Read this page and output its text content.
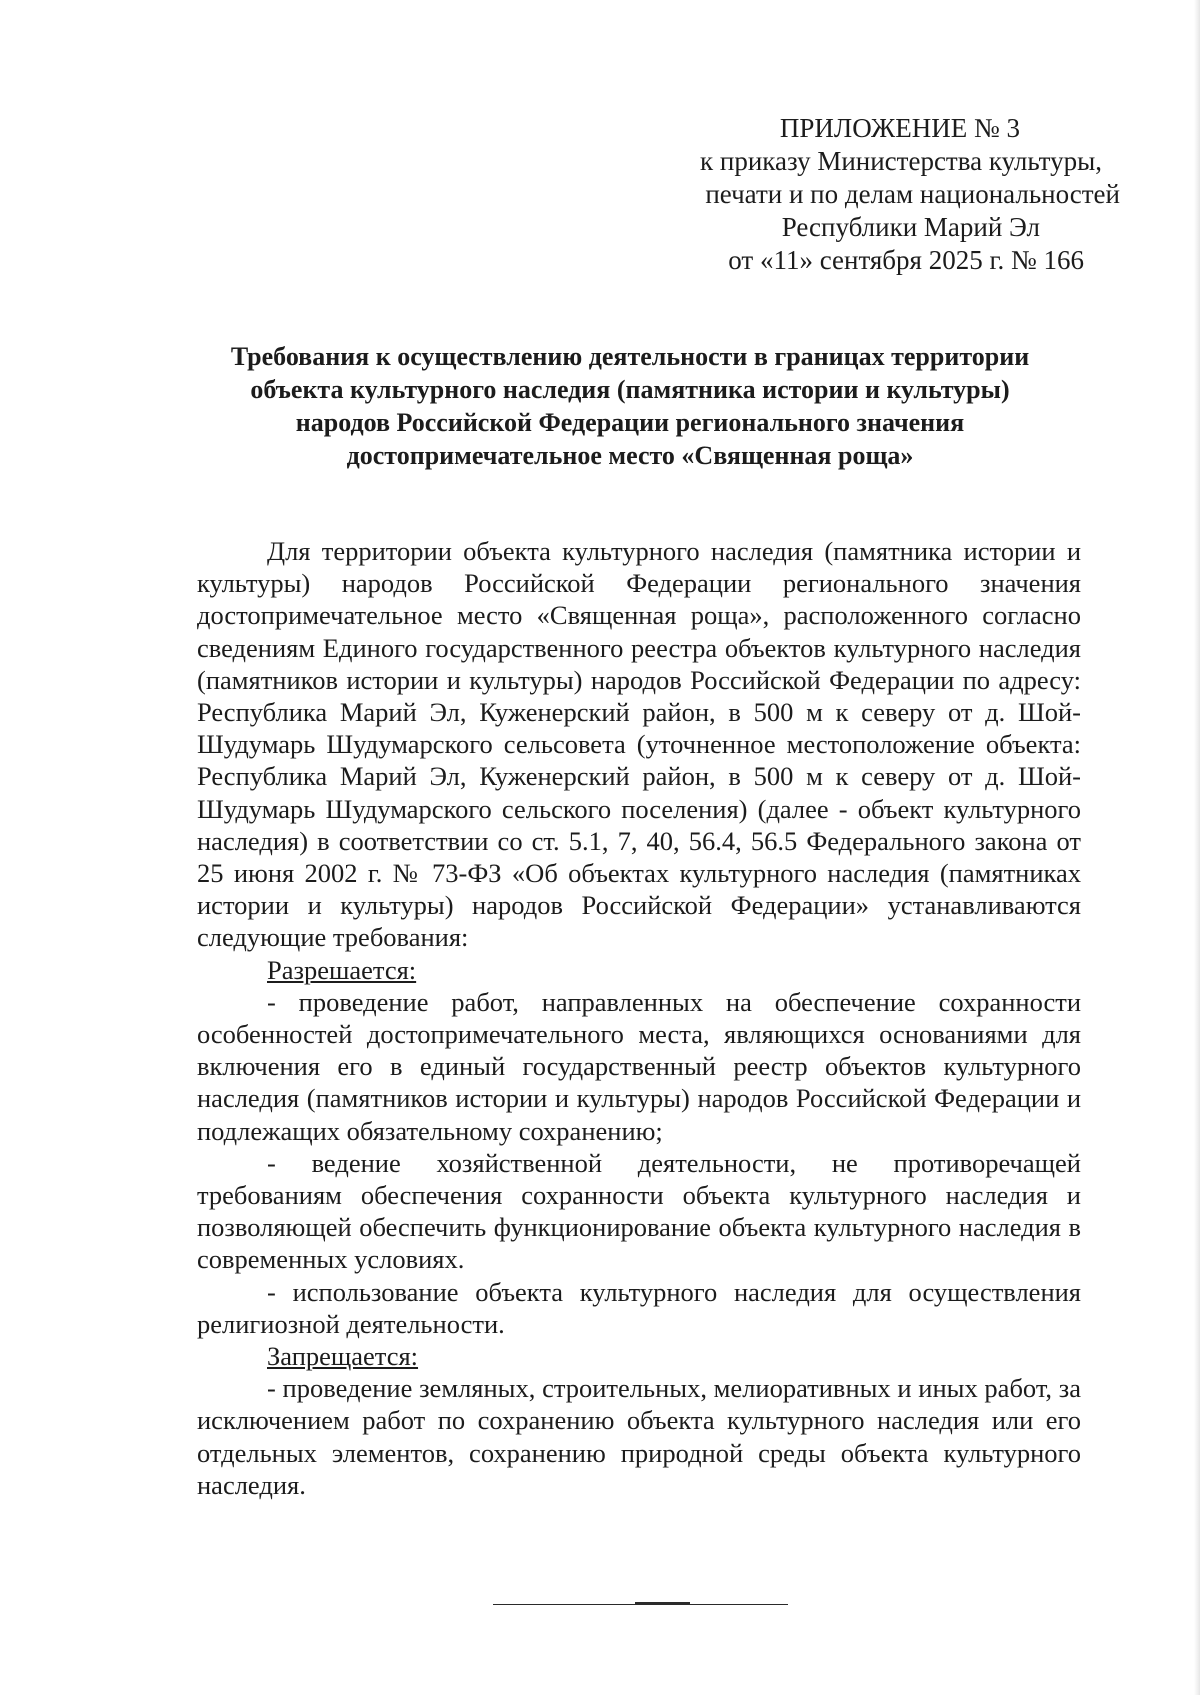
ПРИЛОЖЕНИЕ № 3
к приказу Министерства культуры,
печати и по делам национальностей
Республики Марий Эл
от «11» сентября 2025 г. № 166
Требования к осуществлению деятельности в границах территории
объекта культурного наследия (памятника истории и культуры)
народов Российской Федерации регионального значения
достопримечательное место «Священная роща»

Для территории объекта культурного наследия (памятника истории и культуры) народов Российской Федерации регионального значения достопримечательное место «Священная роща», расположенного согласно сведениям Единого государственного реестра объектов культурного наследия (памятников истории и культуры) народов Российской Федерации по адресу: Республика Марий Эл, Куженерский район, в 500 м к северу от д. Шой-Шудумарь Шудумарского сельсовета (уточненное местоположение объекта: Республика Марий Эл, Куженерский район, в 500 м к северу от д. Шой-Шудумарь Шудумарского сельского поселения) (далее - объект культурного наследия) в соответствии со ст. 5.1, 7, 40, 56.4, 56.5 Федерального закона от 25 июня 2002 г. № 73-ФЗ «Об объектах культурного наследия (памятниках истории и культуры) народов Российской Федерации» устанавливаются следующие требования:

Разрешается:

- проведение работ, направленных на обеспечение сохранности особенностей достопримечательного места, являющихся основаниями для включения его в единый государственный реестр объектов культурного наследия (памятников истории и культуры) народов Российской Федерации и подлежащих обязательному сохранению;

- ведение хозяйственной деятельности, не противоречащей требованиям обеспечения сохранности объекта культурного наследия и позволяющей обеспечить функционирование объекта культурного наследия в современных условиях.

- использование объекта культурного наследия для осуществления религиозной деятельности.

Запрещается:

- проведение земляных, строительных, мелиоративных и иных работ, за исключением работ по сохранению объекта культурного наследия или его отдельных элементов, сохранению природной среды объекта культурного наследия.
